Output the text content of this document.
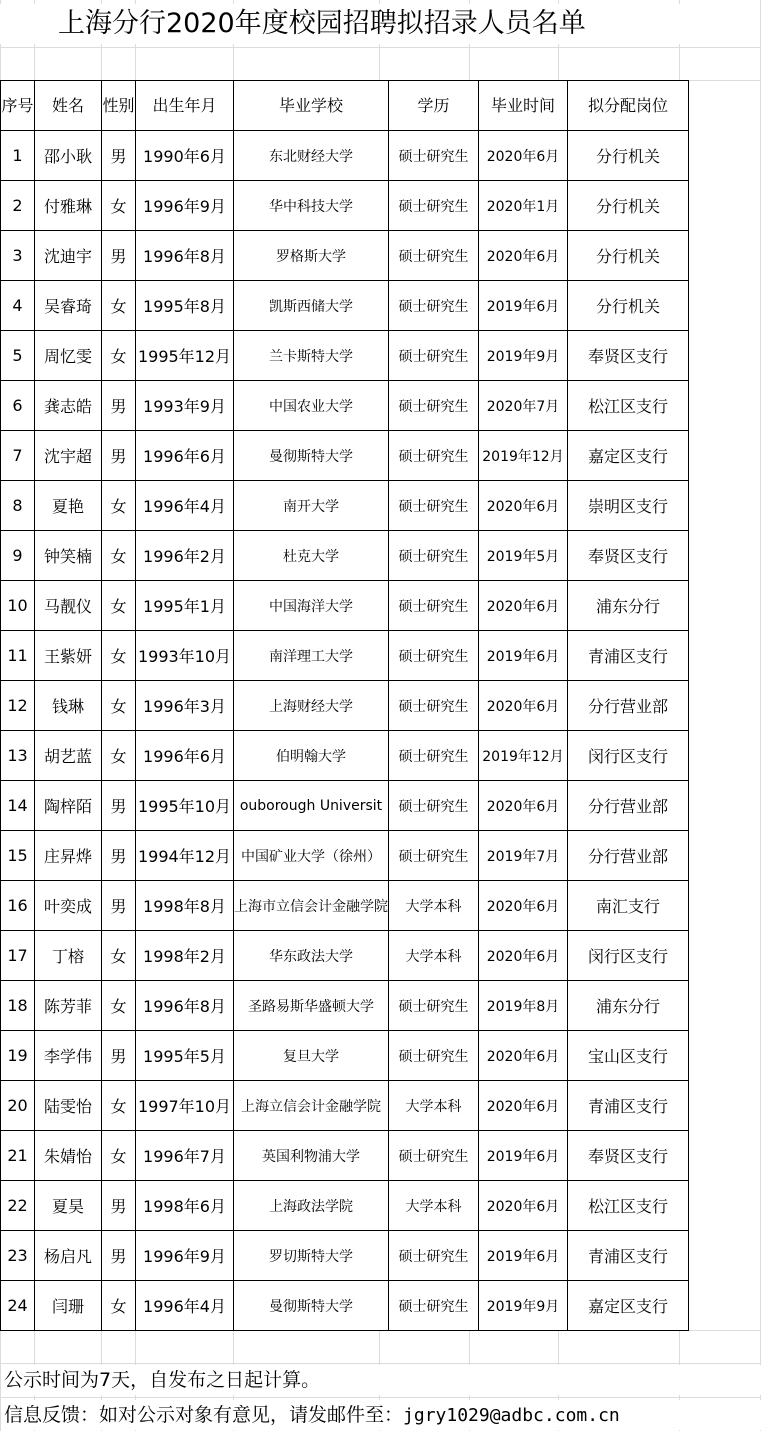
上海分行2020年度校园招聘拟招录人员名单
序号	姓名	性别	出生年月	毕业学校	学历	毕业时间	拟分配岗位
1	邵小耿	男	1990年6月	东北财经大学	硕士研究生	2020年6月	分行机关
2	付雅琳	女	1996年9月	华中科技大学	硕士研究生	2020年1月	分行机关
3	沈迪宇	男	1996年8月	罗格斯大学	硕士研究生	2020年6月	分行机关
4	吴睿琦	女	1995年8月	凯斯西储大学	硕士研究生	2019年6月	分行机关
5	周忆雯	女	1995年12月	兰卡斯特大学	硕士研究生	2019年9月	奉贤区支行
6	龚志皓	男	1993年9月	中国农业大学	硕士研究生	2020年7月	松江区支行
7	沈宇超	男	1996年6月	曼彻斯特大学	硕士研究生	2019年12月	嘉定区支行
8	夏艳	女	1996年4月	南开大学	硕士研究生	2020年6月	崇明区支行
9	钟笑楠	女	1996年2月	杜克大学	硕士研究生	2019年5月	奉贤区支行
10	马靓仪	女	1995年1月	中国海洋大学	硕士研究生	2020年6月	浦东分行
11	王紫妍	女	1993年10月	南洋理工大学	硕士研究生	2019年6月	青浦区支行
12	钱琳	女	1996年3月	上海财经大学	硕士研究生	2020年6月	分行营业部
13	胡艺蓝	女	1996年6月	伯明翰大学	硕士研究生	2019年12月	闵行区支行
14	陶梓陌	男	1995年10月	ouborough Universit	硕士研究生	2020年6月	分行营业部
15	庄昇烨	男	1994年12月	中国矿业大学（徐州）	硕士研究生	2019年7月	分行营业部
16	叶奕成	男	1998年8月	上海市立信会计金融学院	大学本科	2020年6月	南汇支行
17	丁榕	女	1998年2月	华东政法大学	大学本科	2020年6月	闵行区支行
18	陈芳菲	女	1996年8月	圣路易斯华盛顿大学	硕士研究生	2019年8月	浦东分行
19	李学伟	男	1995年5月	复旦大学	硕士研究生	2020年6月	宝山区支行
20	陆雯怡	女	1997年10月	上海立信会计金融学院	大学本科	2020年6月	青浦区支行
21	朱婧怡	女	1996年7月	英国利物浦大学	硕士研究生	2019年6月	奉贤区支行
22	夏昊	男	1998年6月	上海政法学院	大学本科	2020年6月	松江区支行
23	杨启凡	男	1996年9月	罗切斯特大学	硕士研究生	2019年6月	青浦区支行
24	闫珊	女	1996年4月	曼彻斯特大学	硕士研究生	2019年9月	嘉定区支行
公示时间为7天，自发布之日起计算。
信息反馈：如对公示对象有意见，请发邮件至：jgry1029@adbc.com.cn
